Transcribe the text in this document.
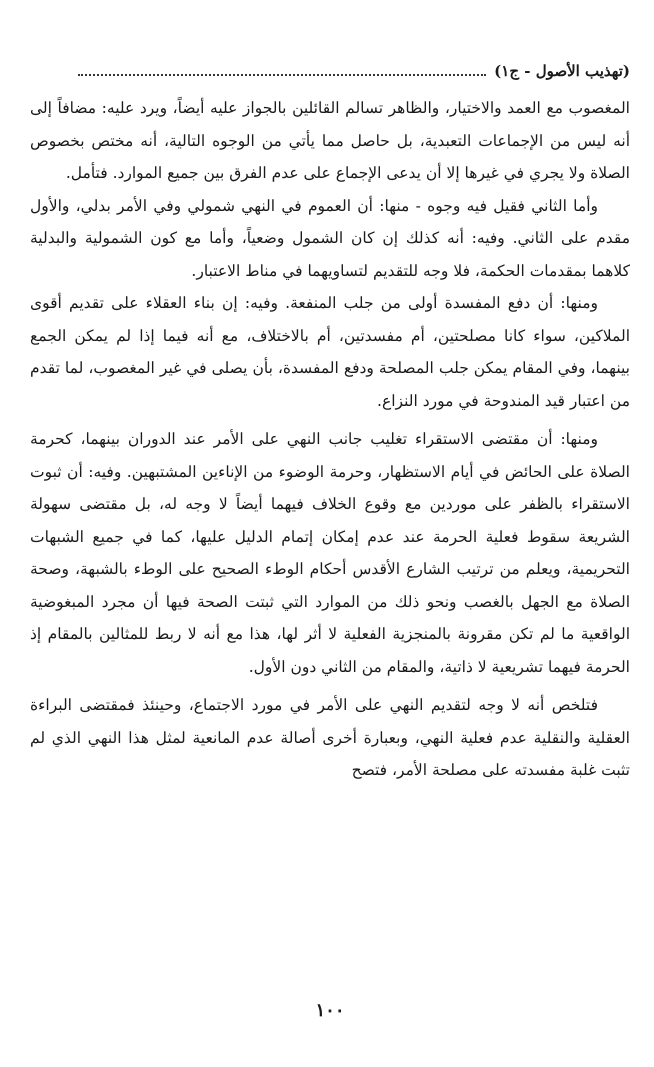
(تهذيب الأصول - ج١)

المغصوب مع العمد والاختيار، والظاهر تسالم القائلين بالجواز عليه أيضاً، ويرد عليه: مضافاً إلى أنه ليس من الإجماعات التعبدية، بل حاصل مما يأتي من الوجوه التالية، أنه مختص بخصوص الصلاة ولا يجري في غيرها إلا أن يدعى الإجماع على عدم الفرق بين جميع الموارد. فتأمل.

وأما الثاني فقيل فيه وجوه - منها: أن العموم في النهي شمولي وفي الأمر بدلي، والأول مقدم على الثاني. وفيه: أنه كذلك إن كان الشمول وضعياً، وأما مع كون الشمولية والبدلية كلاهما بمقدمات الحكمة، فلا وجه للتقديم لتساويهما في مناط الاعتبار.

ومنها: أن دفع المفسدة أولى من جلب المنفعة. وفيه: إن بناء العقلاء على تقديم أقوى الملاكين، سواء كانا مصلحتين، أم مفسدتين، أم بالاختلاف، مع أنه فيما إذا لم يمكن الجمع بينهما، وفي المقام يمكن جلب المصلحة ودفع المفسدة، بأن يصلى في غير المغصوب، لما تقدم من اعتبار قيد المندوحة في مورد النزاع.

ومنها: أن مقتضى الاستقراء تغليب جانب النهي على الأمر عند الدوران بينهما، كحرمة الصلاة على الحائض في أيام الاستظهار، وحرمة الوضوء من الإناءين المشتبهين. وفيه: أن ثبوت الاستقراء بالظفر على موردين مع وقوع الخلاف فيهما أيضاً لا وجه له، بل مقتضى سهولة الشريعة سقوط فعلية الحرمة عند عدم إمكان إتمام الدليل عليها، كما في جميع الشبهات التحريمية، ويعلم من ترتيب الشارع الأقدس أحكام الوطء الصحيح على الوطء بالشبهة، وصحة الصلاة مع الجهل بالغصب ونحو ذلك من الموارد التي ثبتت الصحة فيها أن مجرد المبغوضية الواقعية ما لم تكن مقرونة بالمنجزية الفعلية لا أثر لها، هذا مع أنه لا ربط للمثالين بالمقام إذ الحرمة فيهما تشريعية لا ذاتية، والمقام من الثاني دون الأول.

فتلخص أنه لا وجه لتقديم النهي على الأمر في مورد الاجتماع، وحينئذ فمقتضى البراءة العقلية والنقلية عدم فعلية النهي، وبعبارة أخرى أصالة عدم المانعية لمثل هذا النهي الذي لم تثبت غلبة مفسدته على مصلحة الأمر، فتصح

١٠٠
